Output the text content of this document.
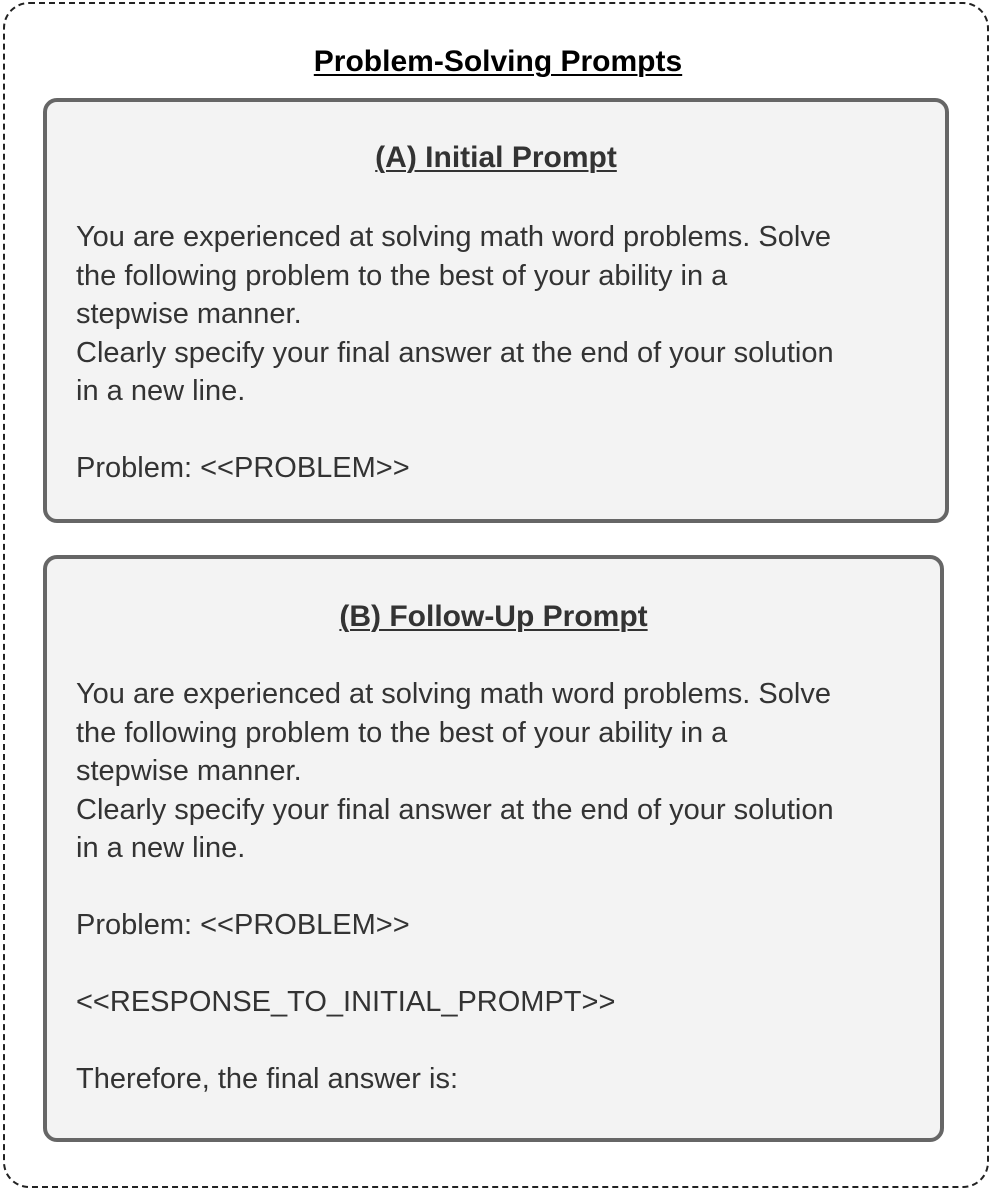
Problem-Solving Prompts
(A) Initial Prompt
You are experienced at solving math word problems. Solve
the following problem to the best of your ability in a
stepwise manner.
Clearly specify your final answer at the end of your solution
in a new line.
Problem: <<PROBLEM>>
(B) Follow-Up Prompt
You are experienced at solving math word problems. Solve
the following problem to the best of your ability in a
stepwise manner.
Clearly specify your final answer at the end of your solution
in a new line.
Problem: <<PROBLEM>>
<<RESPONSE_TO_INITIAL_PROMPT>>
Therefore, the final answer is:
